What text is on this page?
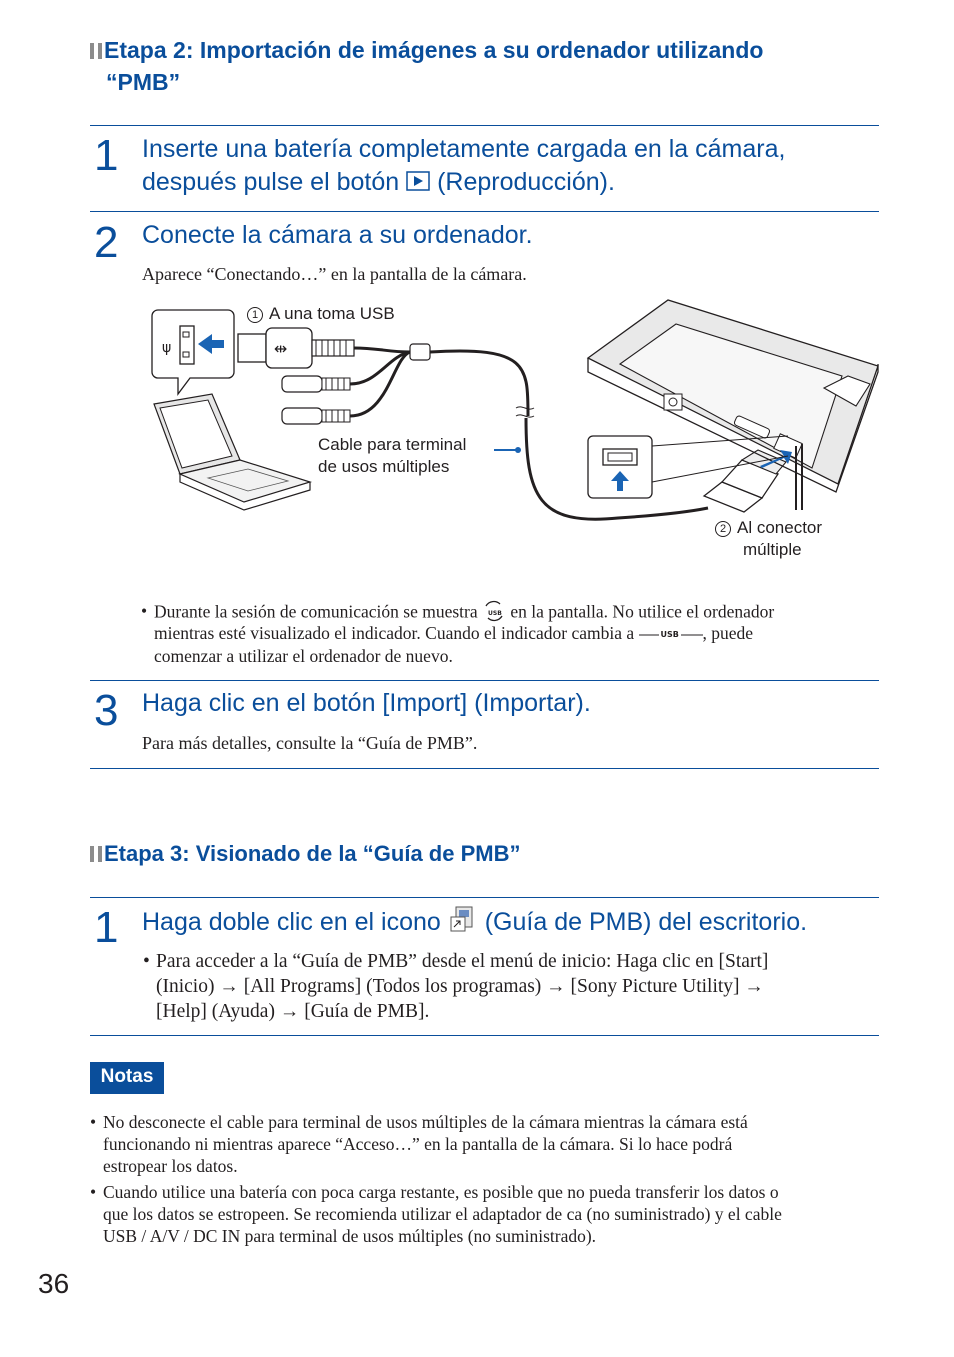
Etapa 2: Importación de imágenes a su ordenador utilizando
“PMB”
1 Inserte una batería completamente cargada en la cámara,
después pulse el botón (Reproducción).
2 Conecte la cámara a su ordenador.
Aparece “Conectando…” en la pantalla de la cámara.
ψ	⇹
1 A una toma USB
Cable para terminal
de usos múltiples
2 Al conector
múltiple
• Durante la sesión de comunicación se muestra USB en la pantalla. No utilice el ordenador
mientras esté visualizado el indicador. Cuando el indicador cambia a	USB , puede
comenzar a utilizar el ordenador de nuevo.
3 Haga clic en el botón [Import] (Importar).
Para más detalles, consulte la “Guía de PMB”.
Etapa 3: Visionado de la “Guía de PMB”
1 Haga doble clic en el icono (Guía de PMB) del escritorio.
• Para acceder a la “Guía de PMB” desde el menú de inicio: Haga clic en [Start]
(Inicio) → [All Programs] (Todos los programas) → [Sony Picture Utility] →
[Help] (Ayuda) → [Guía de PMB].
Notas
• No desconecte el cable para terminal de usos múltiples de la cámara mientras la cámara está
funcionando ni mientras aparece “Acceso…” en la pantalla de la cámara. Si lo hace podrá
estropear los datos.
• Cuando utilice una batería con poca carga restante, es posible que no pueda transferir los datos o
que los datos se estropeen. Se recomienda utilizar el adaptador de ca (no suministrado) y el cable
USB / A/V / DC IN para terminal de usos múltiples (no suministrado).
36
